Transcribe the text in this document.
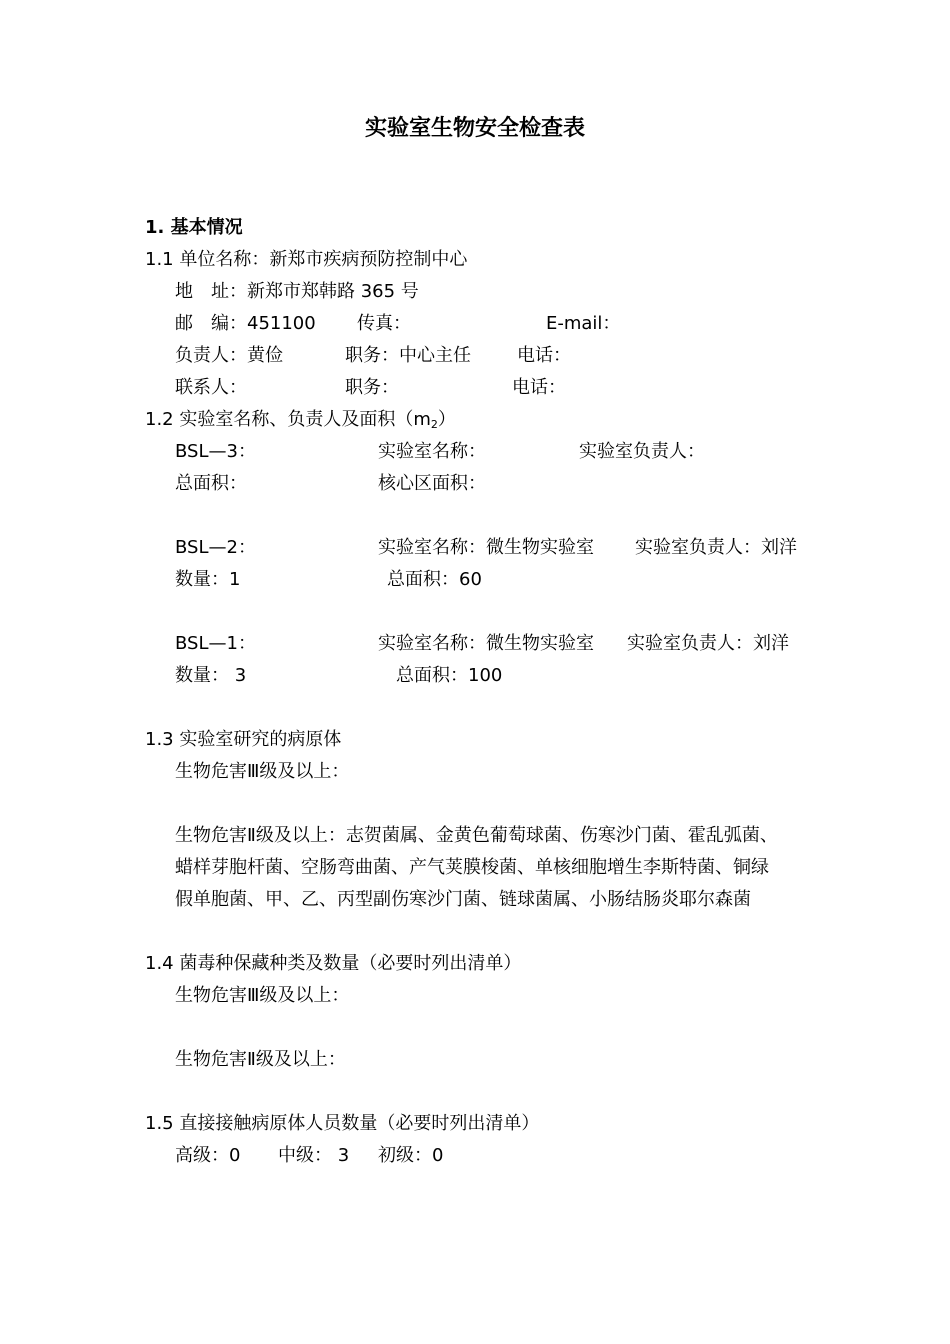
实验室生物安全检查表
1. 基本情况
1.1 单位名称：新郑市疾病预防控制中心
地　址：新郑市郑韩路 365 号
邮　编：451100 传真：	E-mail：
负责人：黄俭	职务：中心主任	电话：
联系人：	职务：	电话：
1.2 实验室名称、负责人及面积（m2）
BSL—3：	实验室名称：	实验室负责人：
总面积：	核心区面积：
BSL—2：	实验室名称：微生物实验室 实验室负责人：刘洋
数量：1	总面积：60
BSL—1：	实验室名称：微生物实验室 实验室负责人：刘洋
数量： 3	总面积：100
1.3 实验室研究的病原体
生物危害Ⅲ级及以上：
生物危害Ⅱ级及以上：志贺菌属、金黄色葡萄球菌、伤寒沙门菌、霍乱弧菌、
蜡样芽胞杆菌、空肠弯曲菌、产气荚膜梭菌、单核细胞增生李斯特菌、铜绿
假单胞菌、甲、乙、丙型副伤寒沙门菌、链球菌属、小肠结肠炎耶尔森菌
1.4 菌毒种保藏种类及数量（必要时列出清单）
生物危害Ⅲ级及以上：
生物危害Ⅱ级及以上：
1.5 直接接触病原体人员数量（必要时列出清单）
高级：0 中级： 3 初级：0
